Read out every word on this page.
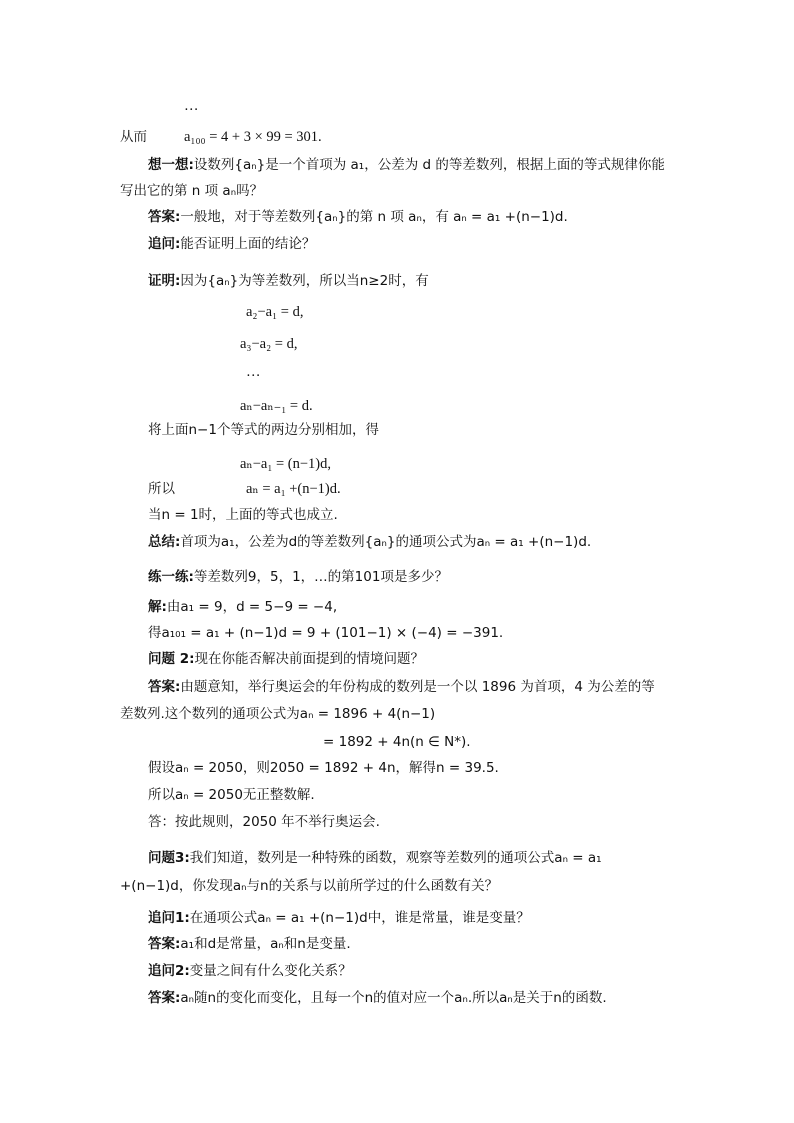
…
从而	a₁₀₀ = 4 + 3 × 99 = 301.
想一想:设数列{aₙ}是一个首项为 a₁，公差为 d 的等差数列，根据上面的等式规律你能
写出它的第 n 项 aₙ吗？
答案:一般地，对于等差数列{aₙ}的第 n 项 aₙ，有 aₙ = a₁ +(n−1)d.
追问:能否证明上面的结论？
证明:因为{aₙ}为等差数列，所以当n≥2时，有
a₂−a₁ = d,
a₃−a₂ = d,
…
aₙ−aₙ₋₁ = d.
将上面n−1个等式的两边分别相加，得
aₙ−a₁ = (n−1)d,
所以	aₙ = a₁ +(n−1)d.
当n = 1时，上面的等式也成立.
总结:首项为a₁，公差为d的等差数列{aₙ}的通项公式为aₙ = a₁ +(n−1)d.
练一练:等差数列9，5，1，…的第101项是多少？
解:由a₁ = 9，d = 5−9 = −4,
得a₁₀₁ = a₁ + (n−1)d = 9 + (101−1) × (−4) = −391.
问题 2:现在你能否解决前面提到的情境问题？
答案:由题意知，举行奥运会的年份构成的数列是一个以 1896 为首项，4 为公差的等
差数列.这个数列的通项公式为aₙ = 1896 + 4(n−1)
= 1892 + 4n(n ∈ N*).
假设aₙ = 2050，则2050 = 1892 + 4n，解得n = 39.5.
所以aₙ = 2050无正整数解.
答：按此规则，2050 年不举行奥运会.
问题3:我们知道，数列是一种特殊的函数，观察等差数列的通项公式aₙ = a₁
+(n−1)d，你发现aₙ与n的关系与以前所学过的什么函数有关？
追问1:在通项公式aₙ = a₁ +(n−1)d中，谁是常量，谁是变量？
答案:a₁和d是常量，aₙ和n是变量.
追问2:变量之间有什么变化关系？
答案:aₙ随n的变化而变化，且每一个n的值对应一个aₙ.所以aₙ是关于n的函数.
